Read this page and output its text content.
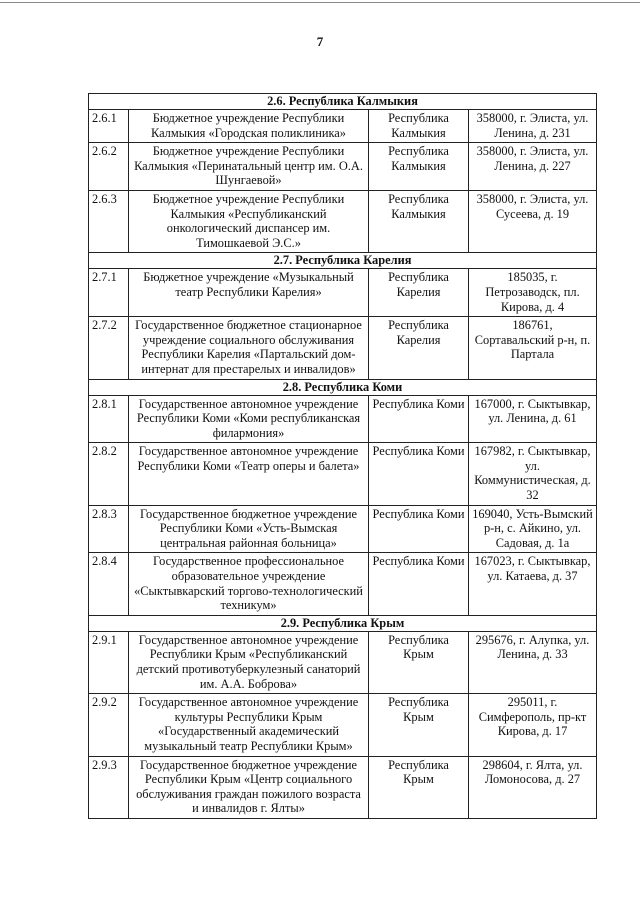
7
2.6. Республика Калмыкия			
2.6.1	Бюджетное учреждение Республики Калмыкия «Городская поликлиника»	Республика Калмыкия	358000, г. Элиста, ул. Ленина, д. 231
2.6.2	Бюджетное учреждение Республики Калмыкия «Перинатальный центр им. О.А. Шунгаевой»	Республика Калмыкия	358000, г. Элиста, ул. Ленина, д. 227
2.6.3	Бюджетное учреждение Республики Калмыкия «Республиканский онкологический диспансер им. Тимошкаевой Э.С.»	Республика Калмыкия	358000, г. Элиста, ул. Сусеева, д. 19
2.7. Республика Карелия			
2.7.1	Бюджетное учреждение «Музыкальный театр Республики Карелия»	Республика Карелия	185035, г. Петрозаводск, пл. Кирова, д. 4
2.7.2	Государственное бюджетное стационарное учреждение социального обслуживания Республики Карелия «Партальский дом-интернат для престарелых и инвалидов»	Республика Карелия	186761, Сортавальский р-н, п. Партала
2.8. Республика Коми			
2.8.1	Государственное автономное учреждение Республики Коми «Коми республиканская филармония»	Республика Коми	167000, г. Сыктывкар, ул. Ленина, д. 61
2.8.2	Государственное автономное учреждение Республики Коми «Театр оперы и балета»	Республика Коми	167982, г. Сыктывкар, ул. Коммунистическая, д. 32
2.8.3	Государственное бюджетное учреждение Республики Коми «Усть-Вымская центральная районная больница»	Республика Коми	169040, Усть-Вымский р-н, с. Айкино, ул. Садовая, д. 1а
2.8.4	Государственное профессиональное образовательное учреждение «Сыктывкарский торгово-технологический техникум»	Республика Коми	167023, г. Сыктывкар, ул. Катаева, д. 37
2.9. Республика Крым			
2.9.1	Государственное автономное учреждение Республики Крым «Республиканский детский противотуберкулезный санаторий им. А.А. Боброва»	Республика Крым	295676, г. Алупка, ул. Ленина, д. 33
2.9.2	Государственное автономное учреждение культуры Республики Крым «Государственный академический музыкальный театр Республики Крым»	Республика Крым	295011, г. Симферополь, пр-кт Кирова, д. 17
2.9.3	Государственное бюджетное учреждение Республики Крым «Центр социального обслуживания граждан пожилого возраста и инвалидов г. Ялты»	Республика Крым	298604, г. Ялта, ул. Ломоносова, д. 27
